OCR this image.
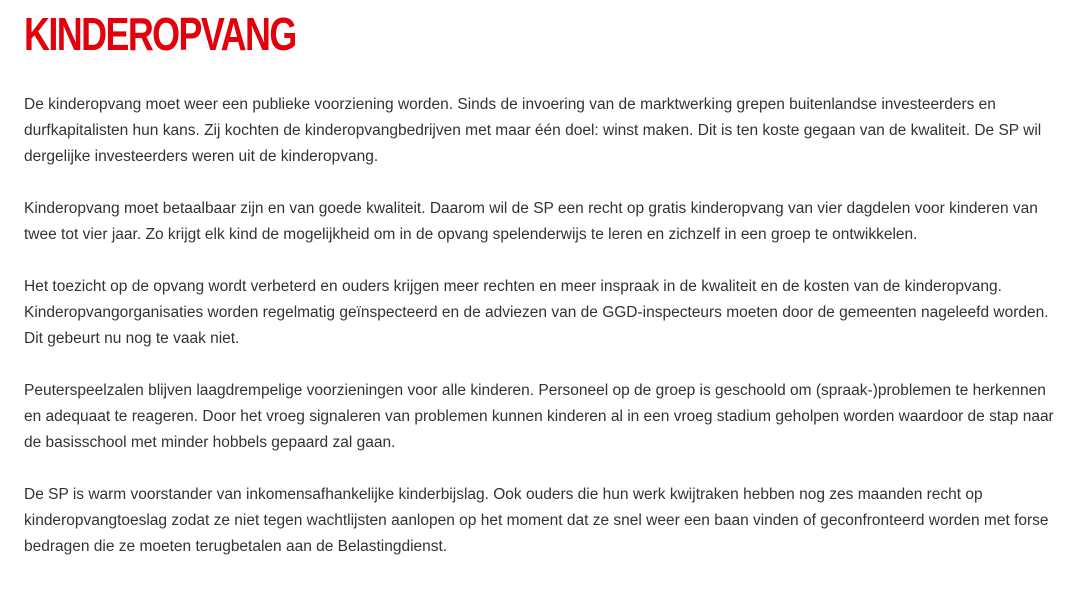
KINDEROPVANG

De kinderopvang moet weer een publieke voorziening worden. Sinds de invoering van de marktwerking grepen buitenlandse investeerders en durfkapitalisten hun kans. Zij kochten de kinderopvangbedrijven met maar één doel: winst maken. Dit is ten koste gegaan van de kwaliteit. De SP wil dergelijke investeerders weren uit de kinderopvang.

Kinderopvang moet betaalbaar zijn en van goede kwaliteit. Daarom wil de SP een recht op gratis kinderopvang van vier dagdelen voor kinderen van twee tot vier jaar. Zo krijgt elk kind de mogelijkheid om in de opvang spelenderwijs te leren en zichzelf in een groep te ontwikkelen.

Het toezicht op de opvang wordt verbeterd en ouders krijgen meer rechten en meer inspraak in de kwaliteit en de kosten van de kinderopvang. Kinderopvangorganisaties worden regelmatig geïnspecteerd en de adviezen van de GGD-inspecteurs moeten door de gemeenten nageleefd worden. Dit gebeurt nu nog te vaak niet.

Peuterspeelzalen blijven laagdrempelige voorzieningen voor alle kinderen. Personeel op de groep is geschoold om (spraak-)problemen te herkennen en adequaat te reageren. Door het vroeg signaleren van problemen kunnen kinderen al in een vroeg stadium geholpen worden waardoor de stap naar de basisschool met minder hobbels gepaard zal gaan.

De SP is warm voorstander van inkomensafhankelijke kinderbijslag. Ook ouders die hun werk kwijtraken hebben nog zes maanden recht op kinderopvangtoeslag zodat ze niet tegen wachtlijsten aanlopen op het moment dat ze snel weer een baan vinden of geconfronteerd worden met forse bedragen die ze moeten terugbetalen aan de Belastingdienst.
